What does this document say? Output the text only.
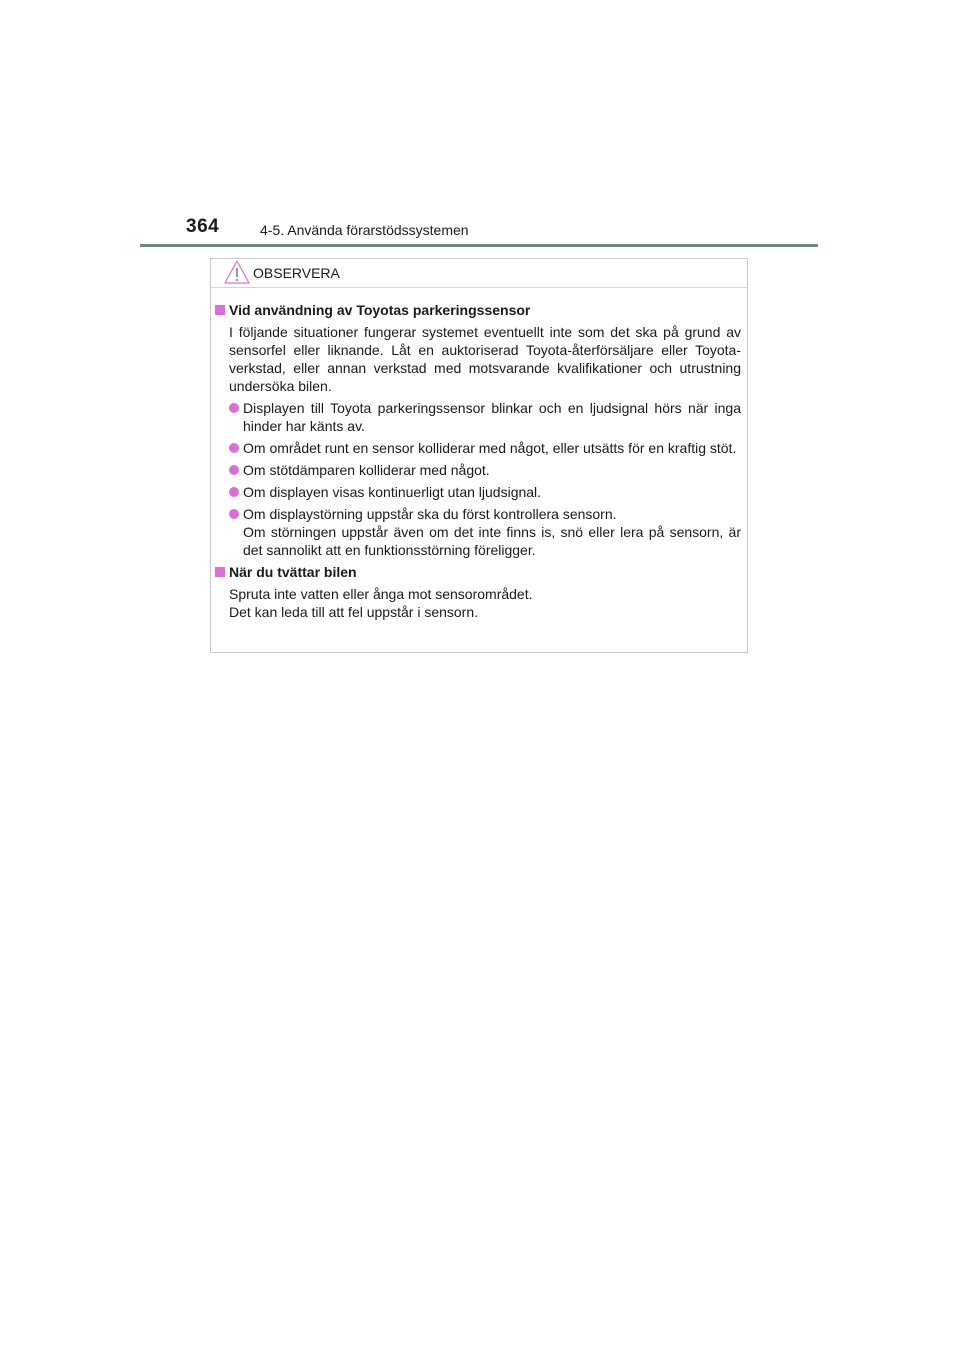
364	4-5. Använda förarstödssystemen
OBSERVERA
Vid användning av Toyotas parkeringssensor
I följande situationer fungerar systemet eventuellt inte som det ska på grund av sensorfel eller liknande. Låt en auktoriserad Toyota-återförsäljare eller Toyota-verkstad, eller annan verkstad med motsvarande kvalifikationer och utrustning undersöka bilen.
Displayen till Toyota parkeringssensor blinkar och en ljudsignal hörs när inga hinder har känts av.
Om området runt en sensor kolliderar med något, eller utsätts för en kraftig stöt.
Om stötdämparen kolliderar med något.
Om displayen visas kontinuerligt utan ljudsignal.
Om displaystörning uppstår ska du först kontrollera sensorn.
Om störningen uppstår även om det inte finns is, snö eller lera på sensorn, är det sannolikt att en funktionsstörning föreligger.
När du tvättar bilen
Spruta inte vatten eller ånga mot sensorområdet.
Det kan leda till att fel uppstår i sensorn.
